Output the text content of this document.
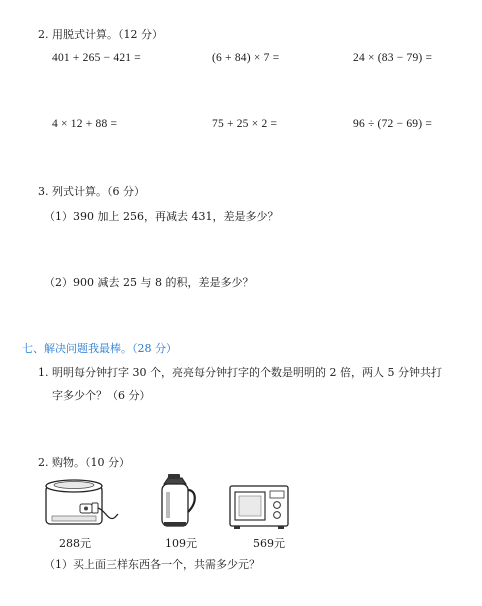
2. 用脱式计算。（12 分）
401 + 265 − 421 =	(6 + 84) × 7 =	24 × (83 − 79) =
4 × 12 + 88 =	75 + 25 × 2 =	96 ÷ (72 − 69) =
3. 列式计算。（6 分）
（1）390 加上 256，再减去 431，差是多少？
（2）900 减去 25 与 8 的积，差是多少？
七、解决问题我最棒。（28 分）
1. 明明每分钟打字 30 个，亮亮每分钟打字的个数是明明的 2 倍，两人 5 分钟共打
字多少个？（6 分）
2. 购物。（10 分）
288元	109元	569元
（1）买上面三样东西各一个，共需多少元？
